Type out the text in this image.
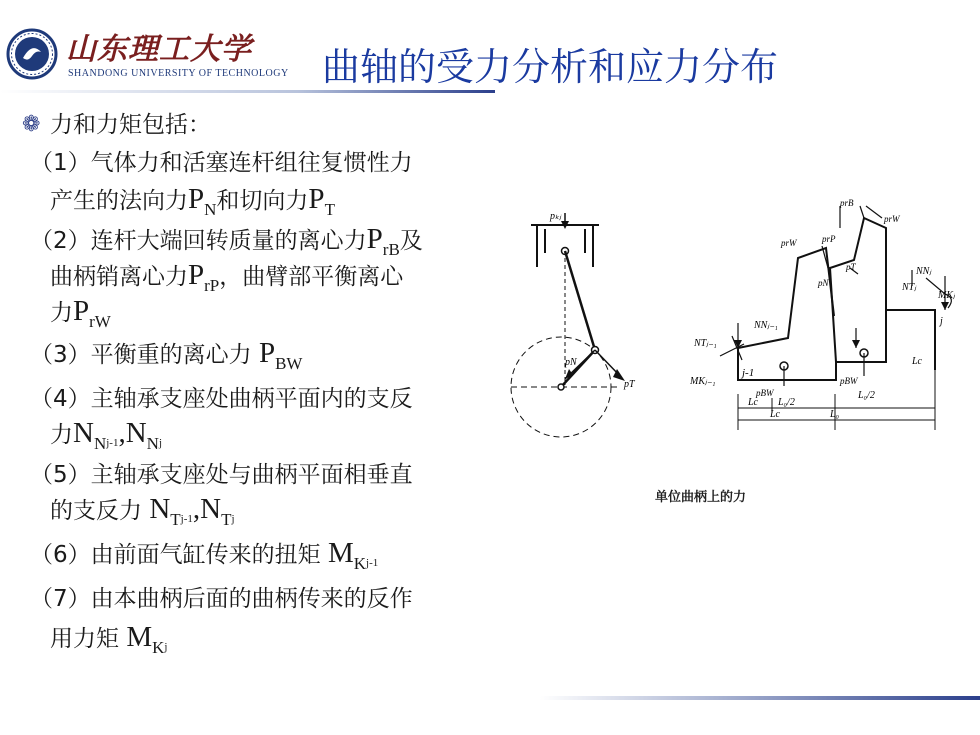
山东理工大学
SHANDONG UNIVERSITY OF TECHNOLOGY 曲轴的受力分析和应力分布
❁ 力和力矩包括：
（1）气体力和活塞连杆组往复惯性力
产生的法向力$P_N$和切向力$P_T$
（2）连杆大端回转质量的离心力$P_{rB}$及
曲柄销离心力$P_{rP}$，曲臂部平衡离心
力$P_{rW}$
（3）平衡重的离心力 $P_{BW}$
（4）主轴承支座处曲柄平面内的支反
力$N_Nj-1,N_Nj$
（5）主轴承支座处与曲柄平面相垂直
的支反力 $N_Tj-1,N_Tj$
（6）由前面气缸传来的扭矩 $M_Kj-1$
（7）由本曲柄后面的曲柄传来的反作
用力矩 $M_Kj$
pₖⱼ
pN
pT
prB
prW
prW	prP
pT
pN
NNⱼ
NTⱼ
MKⱼ
j
NNⱼ₋₁
NTⱼ₋₁
MKⱼ₋₁
j-1
pBW
pBW
Lc
Lc
L₀/2
L₀/2
L₀
Lc
单位曲柄上的力
